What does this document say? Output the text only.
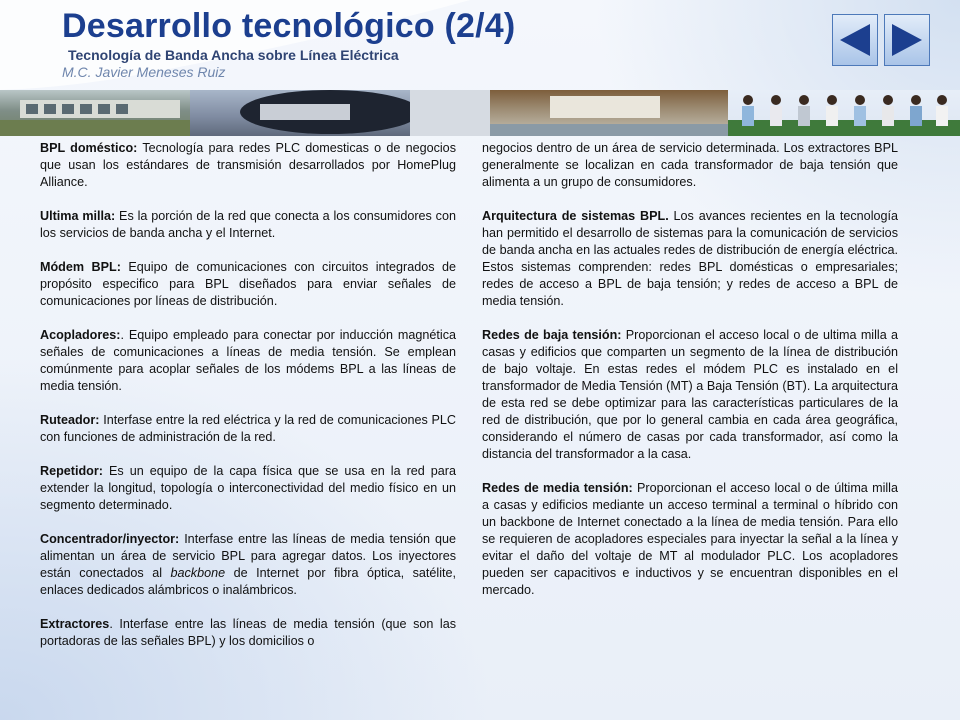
Desarrollo tecnológico (2/4)
Tecnología de Banda Ancha sobre Línea Eléctrica
M.C. Javier Meneses Ruiz

BPL doméstico: Tecnología para redes PLC domesticas o de negocios que usan los estándares de transmisión desarrollados por HomePlug Alliance.

Ultima milla: Es la porción de la red que conecta a los consumidores con los servicios de banda ancha y el Internet.

Módem BPL: Equipo de comunicaciones con circuitos integrados de propósito especifico para BPL diseñados para enviar señales de comunicaciones por líneas de distribución.

Acopladores:. Equipo empleado para conectar por inducción magnética señales de comunicaciones a líneas de media tensión. Se emplean comúnmente para acoplar señales de los módems BPL a las líneas de media tensión.

Ruteador: Interfase entre la red eléctrica y la red de comunicaciones PLC con funciones de administración de la red.

Repetidor: Es un equipo de la capa física que se usa en la red para extender la longitud, topología o interconectividad del medio físico en un segmento determinado.

Concentrador/inyector: Interfase entre las líneas de media tensión que alimentan un área de servicio BPL para agregar datos. Los inyectores están conectados al backbone de Internet por fibra óptica, satélite, enlaces dedicados alámbricos o inalámbricos.

Extractores. Interfase entre las líneas de media tensión (que son las portadoras de las señales BPL) y los domicilios o

negocios dentro de un área de servicio determinada. Los extractores BPL generalmente se localizan en cada transformador de baja tensión que alimenta a un grupo de consumidores.

Arquitectura de sistemas BPL. Los avances recientes en la tecnología han permitido el desarrollo de sistemas para la comunicación de servicios de banda ancha en las actuales redes de distribución de energía eléctrica. Estos sistemas comprenden: redes BPL domésticas o empresariales; redes de acceso a BPL de baja tensión; y redes de acceso a BPL de media tensión.

Redes de baja tensión: Proporcionan el acceso local o de ultima milla a casas y edificios que comparten un segmento de la línea de distribución de bajo voltaje. En estas redes el módem PLC es instalado en el transformador de Media Tensión (MT) a Baja Tensión (BT). La arquitectura de esta red se debe optimizar para las características particulares de la red de distribución, que por lo general cambia en cada área geográfica, considerando el número de casas por cada transformador, así como la distancia del transformador a la casa.

Redes de media tensión: Proporcionan el acceso local o de última milla a casas y edificios mediante un acceso terminal a terminal o híbrido con un backbone de Internet conectado a la línea de media tensión. Para ello se requieren de acopladores especiales para inyectar la señal a la línea y evitar el daño del voltaje de MT al modulador PLC. Los acopladores pueden ser capacitivos e inductivos y se encuentran disponibles en el mercado.
